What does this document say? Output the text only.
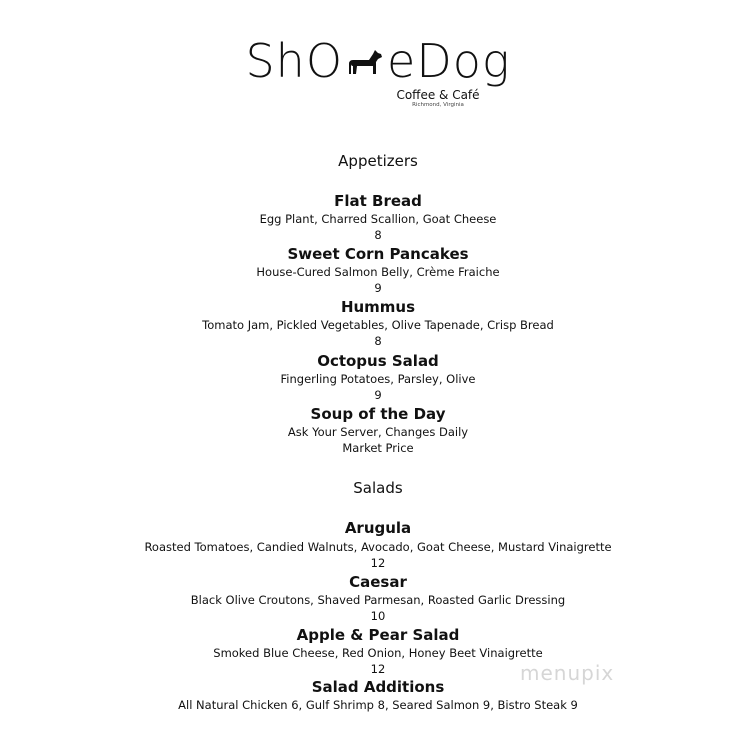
ShO eDog
Coffee & Café
Richmond, Virginia
Appetizers
Flat Bread
Egg Plant, Charred Scallion, Goat Cheese
8
Sweet Corn Pancakes
House-Cured Salmon Belly, Crème Fraiche
9
Hummus
Tomato Jam, Pickled Vegetables, Olive Tapenade, Crisp Bread
8
Octopus Salad
Fingerling Potatoes, Parsley, Olive
9
Soup of the Day
Ask Your Server, Changes Daily
Market Price
Salads
Arugula
Roasted Tomatoes, Candied Walnuts, Avocado, Goat Cheese, Mustard Vinaigrette
12
Caesar
Black Olive Croutons, Shaved Parmesan, Roasted Garlic Dressing
10
Apple & Pear Salad
Smoked Blue Cheese, Red Onion, Honey Beet Vinaigrette
12
Salad Additions
All Natural Chicken 6, Gulf Shrimp 8, Seared Salmon 9, Bistro Steak 9
menupix
